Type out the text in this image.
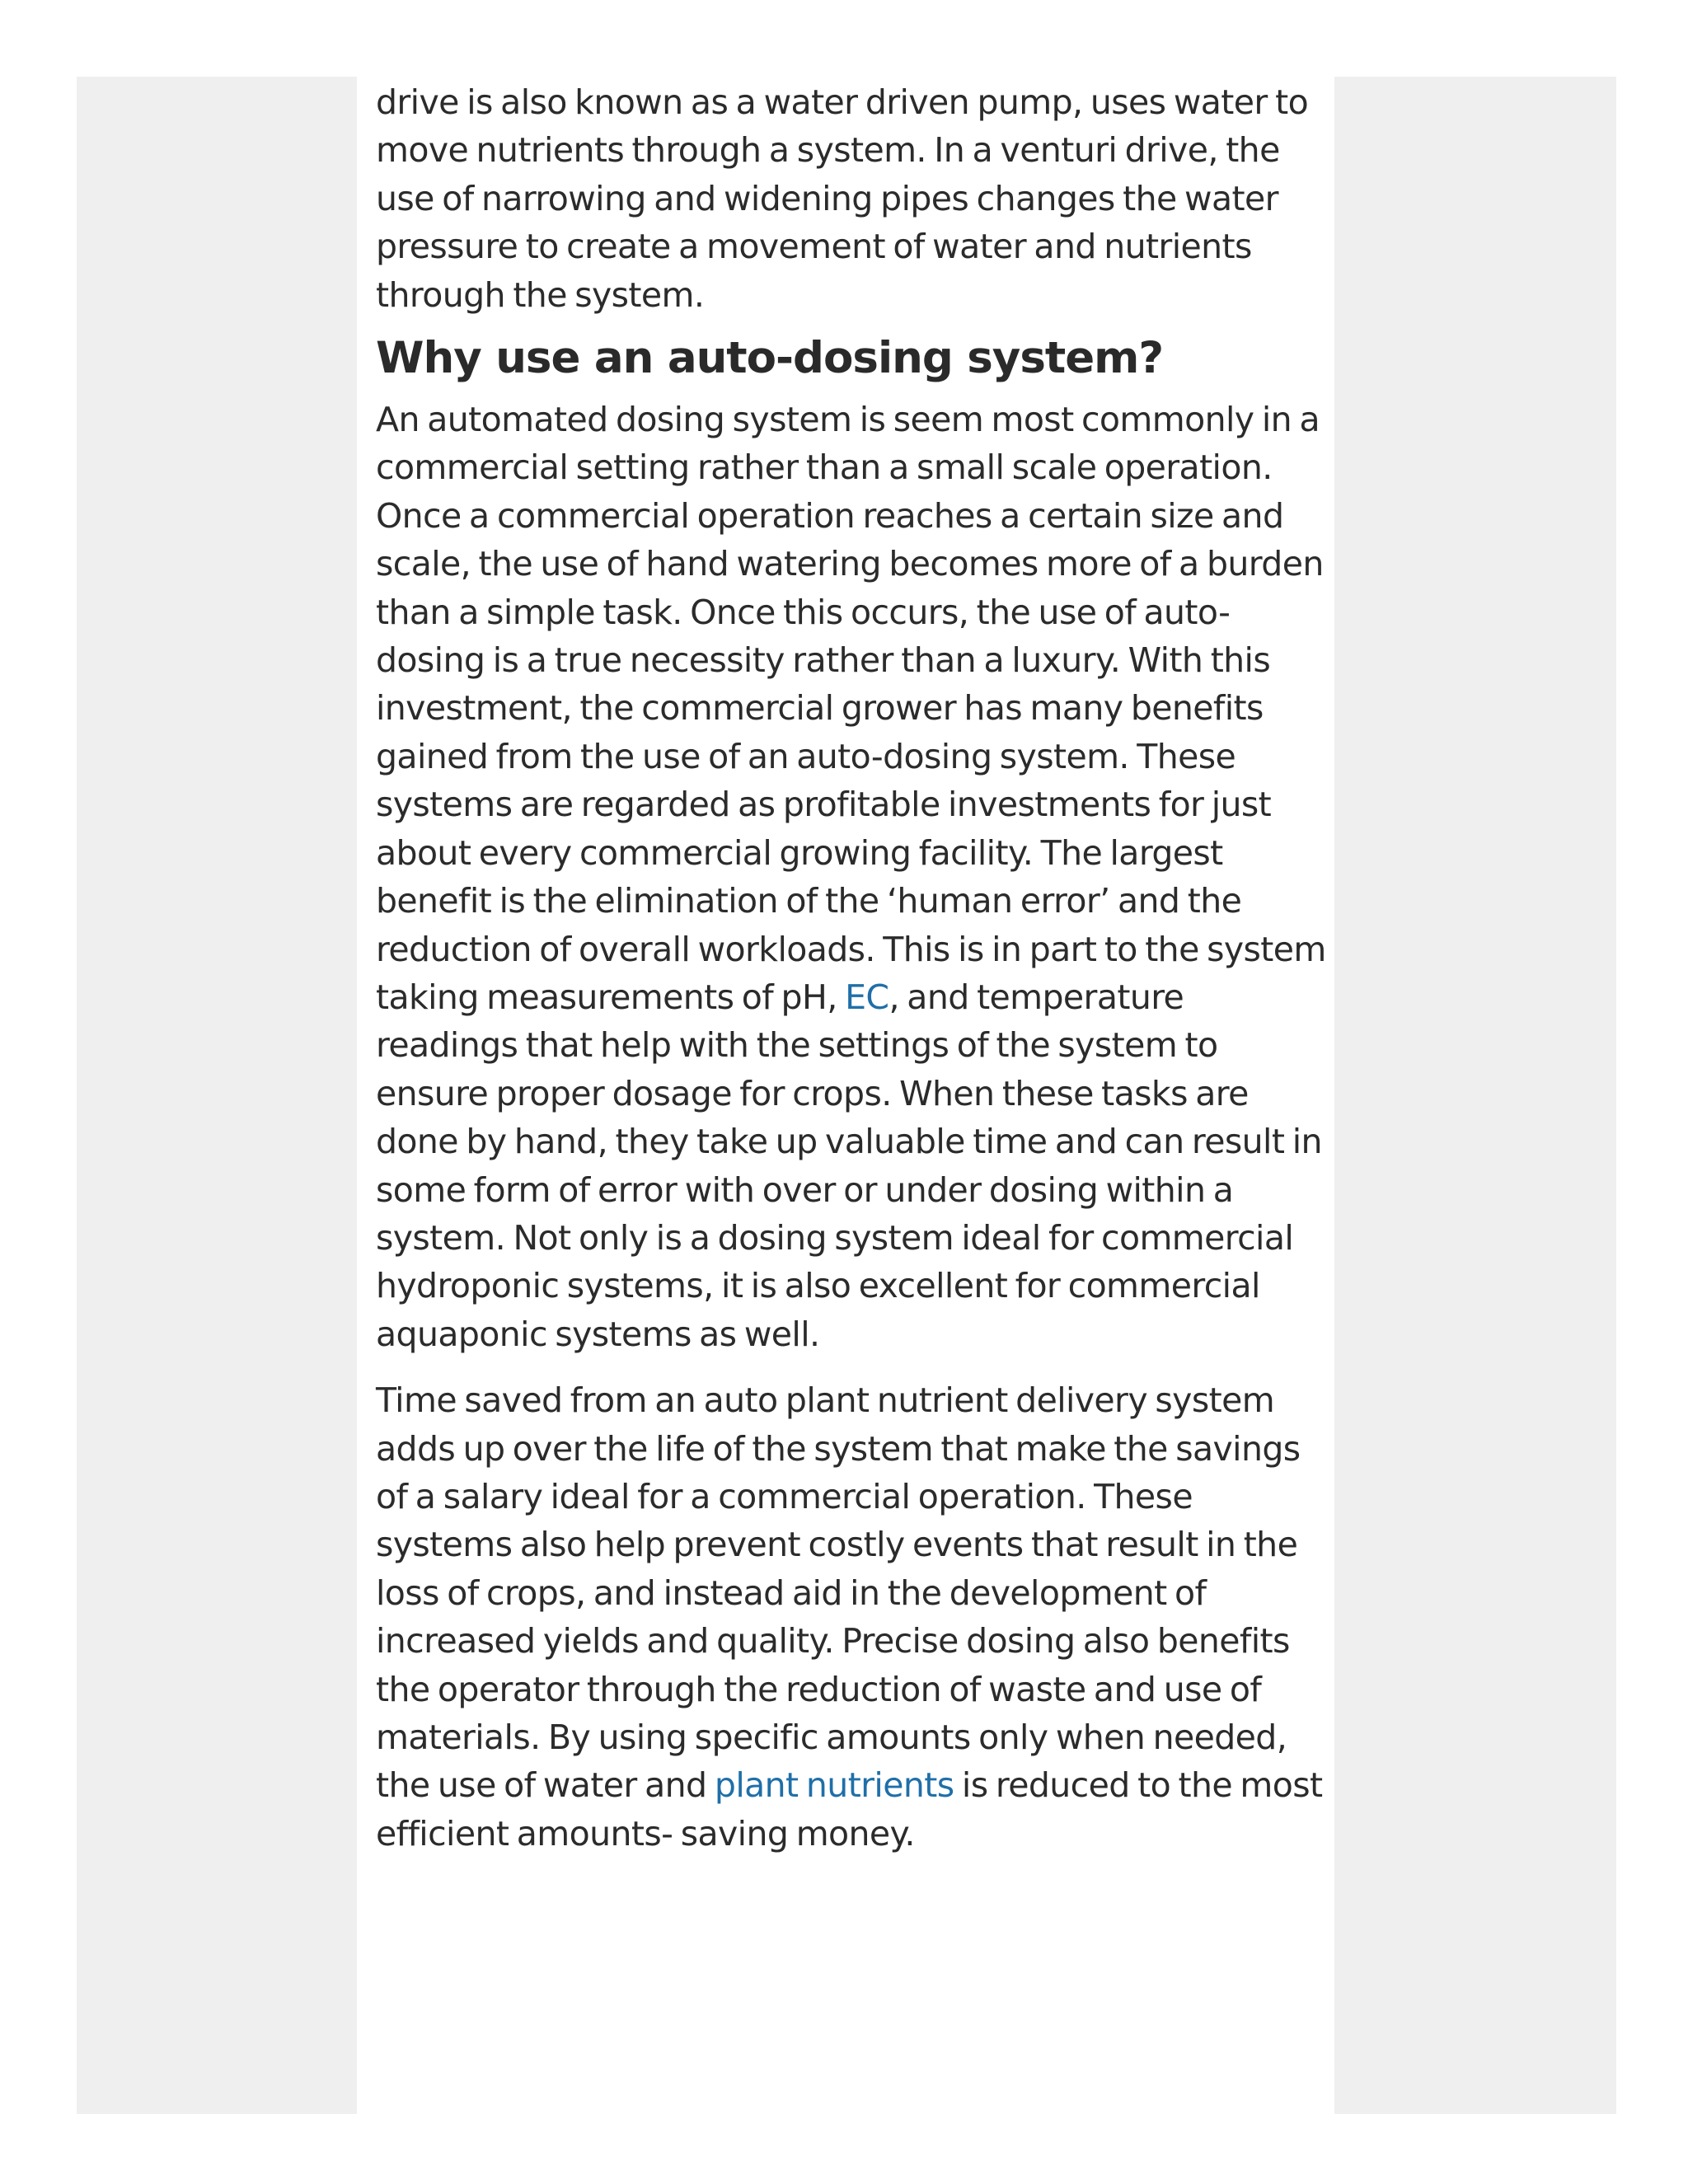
drive is also known as a water driven pump, uses water to move nutrients through a system. In a venturi drive, the use of narrowing and widening pipes changes the water pressure to create a movement of water and nutrients through the system.

Why use an auto-dosing system?

An automated dosing system is seem most commonly in a commercial setting rather than a small scale operation. Once a commercial operation reaches a certain size and scale, the use of hand watering becomes more of a burden than a simple task. Once this occurs, the use of auto-dosing is a true necessity rather than a luxury. With this investment, the commercial grower has many benefits gained from the use of an auto-dosing system. These systems are regarded as profitable investments for just about every commercial growing facility. The largest benefit is the elimination of the ‘human error’ and the reduction of overall workloads. This is in part to the system taking measurements of pH, EC, and temperature readings that help with the settings of the system to ensure proper dosage for crops. When these tasks are done by hand, they take up valuable time and can result in some form of error with over or under dosing within a system. Not only is a dosing system ideal for commercial hydroponic systems, it is also excellent for commercial aquaponic systems as well.

Time saved from an auto plant nutrient delivery system adds up over the life of the system that make the savings of a salary ideal for a commercial operation. These systems also help prevent costly events that result in the loss of crops, and instead aid in the development of increased yields and quality. Precise dosing also benefits the operator through the reduction of waste and use of materials. By using specific amounts only when needed, the use of water and plant nutrients is reduced to the most efficient amounts- saving money.
